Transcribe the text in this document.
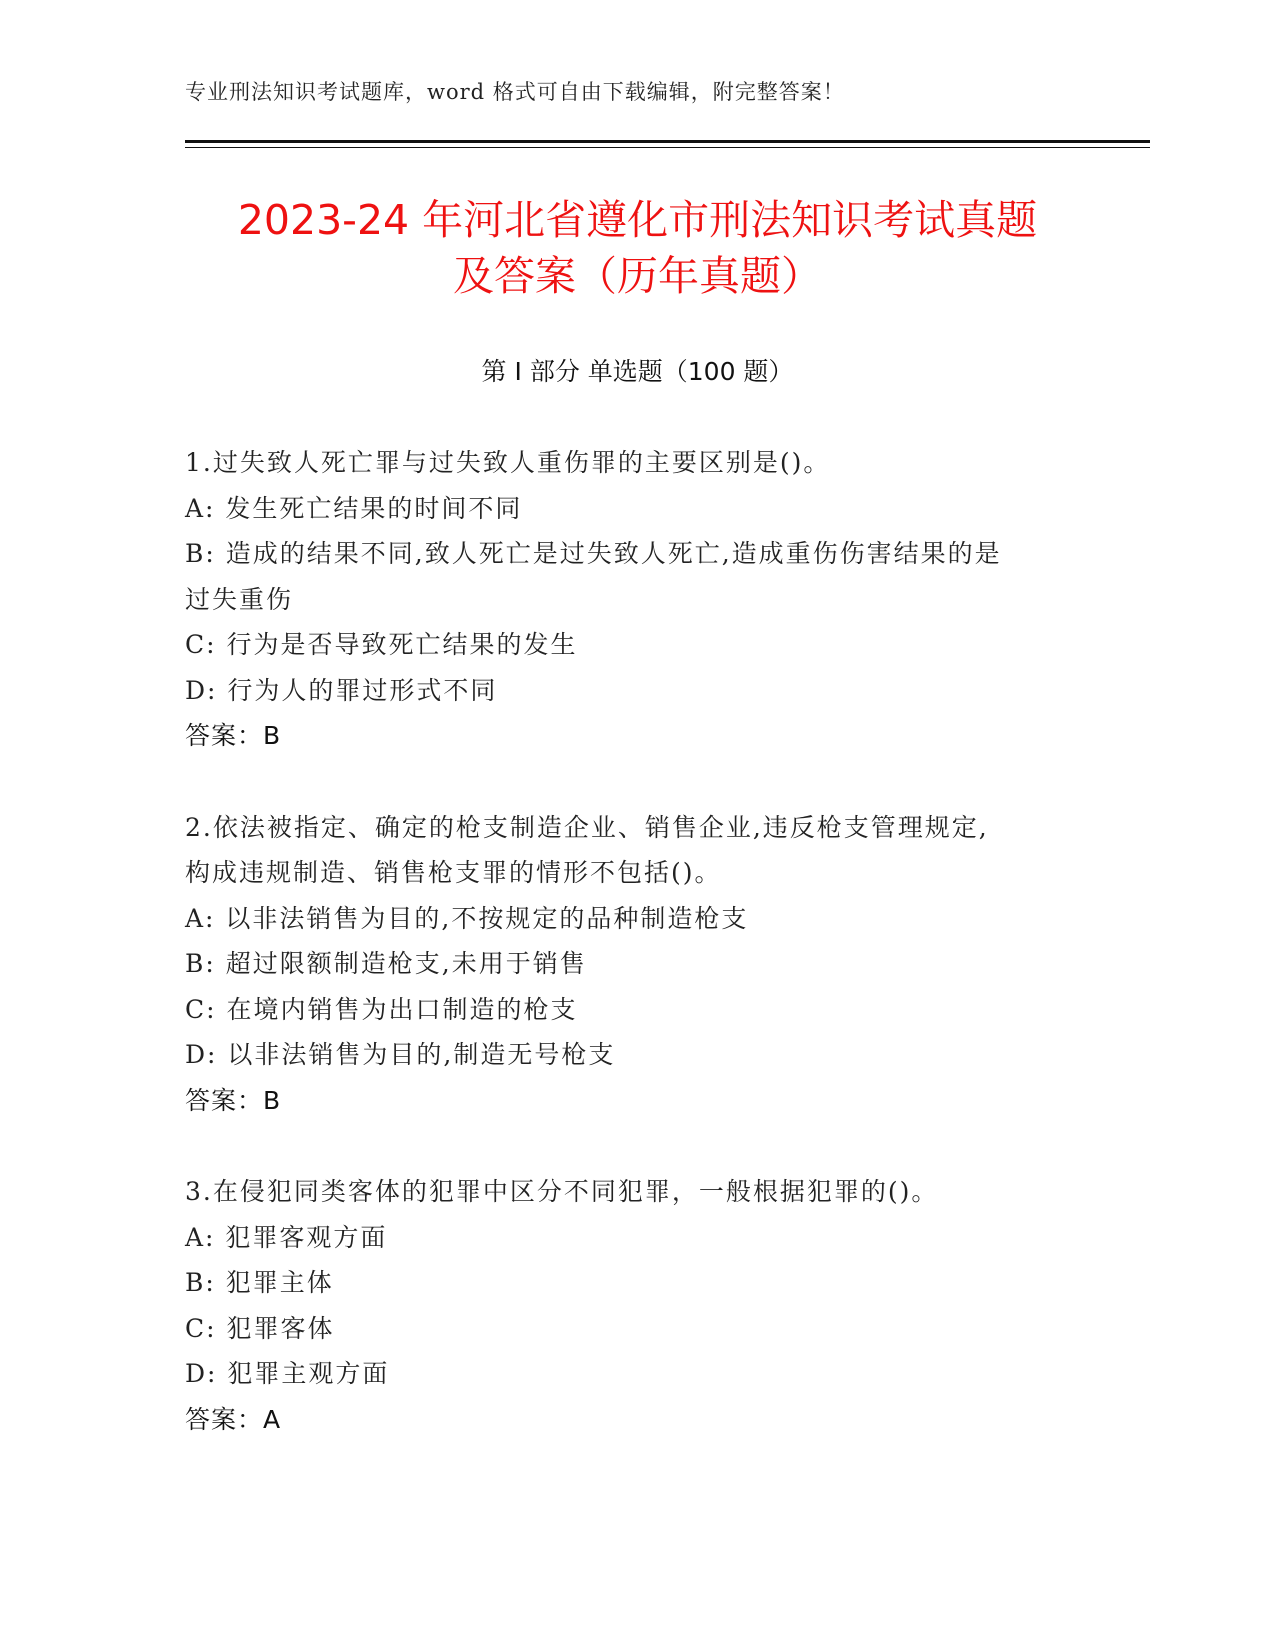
专业刑法知识考试题库，word 格式可自由下载编辑，附完整答案！
2023-24 年河北省遵化市刑法知识考试真题
及答案（历年真题）
第 I 部分 单选题（100 题）
1.过失致人死亡罪与过失致人重伤罪的主要区别是()。
A: 发生死亡结果的时间不同
B: 造成的结果不同,致人死亡是过失致人死亡,造成重伤伤害结果的是
过失重伤
C: 行为是否导致死亡结果的发生
D: 行为人的罪过形式不同
答案：B
2.依法被指定、确定的枪支制造企业、销售企业,违反枪支管理规定,
构成违规制造、销售枪支罪的情形不包括()。
A: 以非法销售为目的,不按规定的品种制造枪支
B: 超过限额制造枪支,未用于销售
C: 在境内销售为出口制造的枪支
D: 以非法销售为目的,制造无号枪支
答案：B
3.在侵犯同类客体的犯罪中区分不同犯罪，一般根据犯罪的()。
A: 犯罪客观方面
B: 犯罪主体
C: 犯罪客体
D: 犯罪主观方面
答案：A
